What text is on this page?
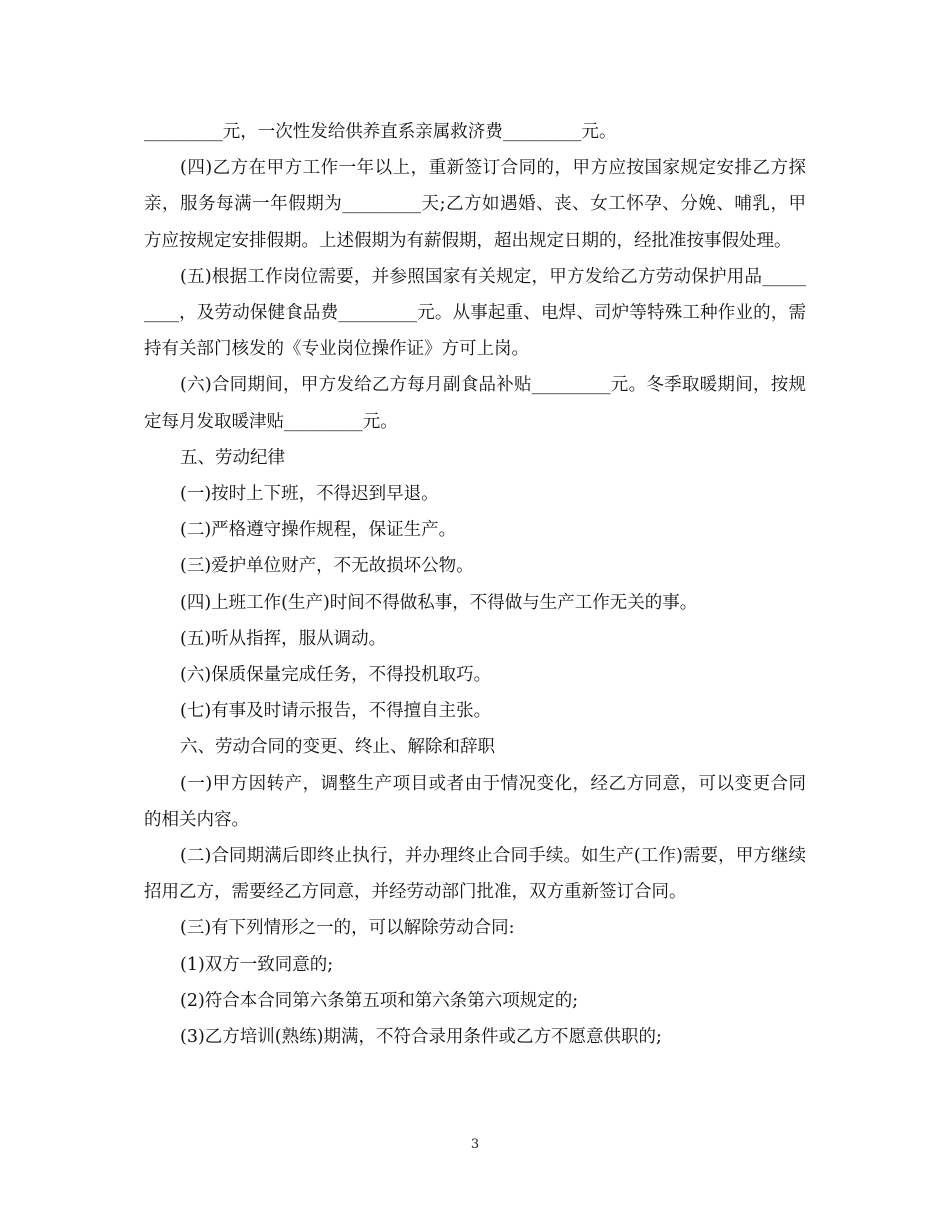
_________元，一次性发给供养直系亲属救济费_________元。

(四)乙方在甲方工作一年以上，重新签订合同的，甲方应按国家规定安排乙方探亲，服务每满一年假期为_________天;乙方如遇婚、丧、女工怀孕、分娩、哺乳，甲方应按规定安排假期。上述假期为有薪假期，超出规定日期的，经批准按事假处理。

(五)根据工作岗位需要，并参照国家有关规定，甲方发给乙方劳动保护用品_________，及劳动保健食品费_________元。从事起重、电焊、司炉等特殊工种作业的，需持有关部门核发的《专业岗位操作证》方可上岗。

(六)合同期间，甲方发给乙方每月副食品补贴_________元。冬季取暖期间，按规定每月发取暖津贴_________元。

五、劳动纪律

(一)按时上下班，不得迟到早退。

(二)严格遵守操作规程，保证生产。

(三)爱护单位财产，不无故损坏公物。

(四)上班工作(生产)时间不得做私事，不得做与生产工作无关的事。

(五)听从指挥，服从调动。

(六)保质保量完成任务，不得投机取巧。

(七)有事及时请示报告，不得擅自主张。

六、劳动合同的变更、终止、解除和辞职

(一)甲方因转产，调整生产项目或者由于情况变化，经乙方同意，可以变更合同的相关内容。

(二)合同期满后即终止执行，并办理终止合同手续。如生产(工作)需要，甲方继续招用乙方，需要经乙方同意，并经劳动部门批准，双方重新签订合同。

(三)有下列情形之一的，可以解除劳动合同:

(1)双方一致同意的;

(2)符合本合同第六条第五项和第六条第六项规定的;

(3)乙方培训(熟练)期满，不符合录用条件或乙方不愿意供职的;

3
